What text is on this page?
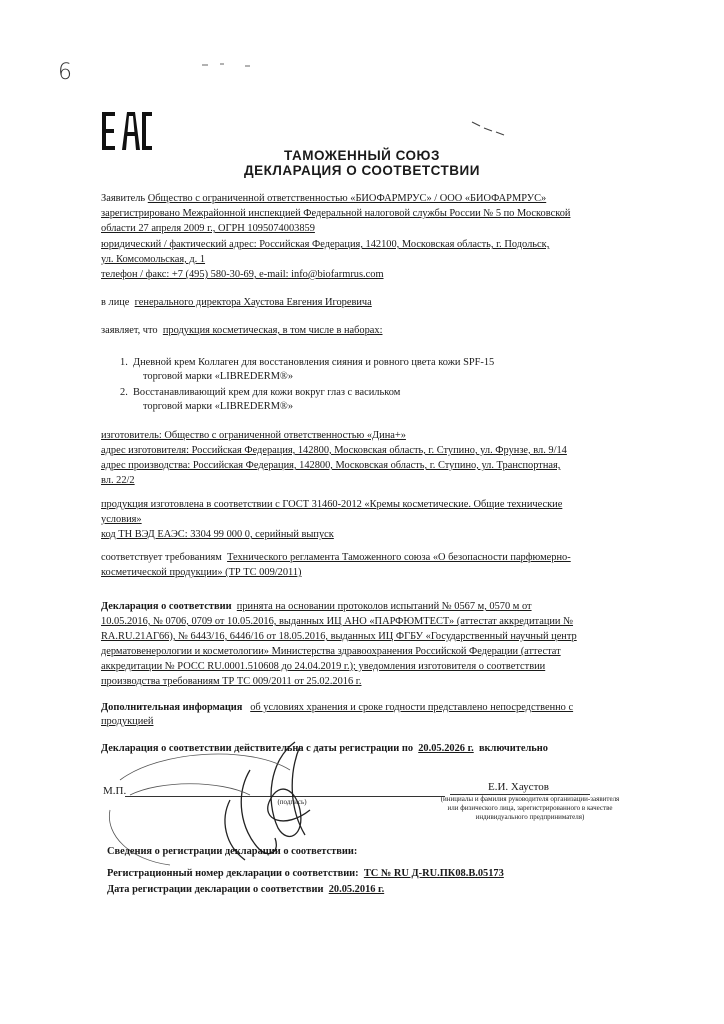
6
ТАМОЖЕННЫЙ СОЮЗ
ДЕКЛАРАЦИЯ О СООТВЕТСТВИИ
Заявитель Общество с ограниченной ответственностью «БИОФАРМРУС» / ООО «БИОФАРМРУС»
зарегистрировано Межрайонной инспекцией Федеральной налоговой службы России № 5 по Московской
области 27 апреля 2009 г., ОГРН 1095074003859
юридический / фактический адрес: Российская Федерация, 142100, Московская область, г. Подольск,
ул. Комсомольская, д. 1
телефон / факс: +7 (495) 580-30-69, e-mail: info@biofarmrus.com
в лице генерального директора Хаустова Евгения Игоревича
заявляет, что продукция косметическая, в том числе в наборах:
1. Дневной крем Коллаген для восстановления сияния и ровного цвета кожи SPF-15
торговой марки «LIBREDERM®»
2. Восстанавливающий крем для кожи вокруг глаз с васильком
торговой марки «LIBREDERM®»
изготовитель: Общество с ограниченной ответственностью «Дина+»
адрес изготовителя: Российская Федерация, 142800, Московская область, г. Ступино, ул. Фрунзе, вл. 9/14
адрес производства: Российская Федерация, 142800, Московская область, г. Ступино, ул. Транспортная,
вл. 22/2
продукция изготовлена в соответствии с ГОСТ 31460-2012 «Кремы косметические. Общие технические
условия»
код ТН ВЭД ЕАЭС: 3304 99 000 0, серийный выпуск
соответствует требованиям Технического регламента Таможенного союза «О безопасности парфюмерно-
косметической продукции» (ТР ТС 009/2011)
Декларация о соответствии принята на основании протоколов испытаний № 0567 м, 0570 м от
10.05.2016, № 0706, 0709 от 10.05.2016, выданных ИЦ АНО «ПАРФЮМТЕСТ» (аттестат аккредитации №
RA.RU.21АГ66), № 6443/16, 6446/16 от 18.05.2016, выданных ИЦ ФГБУ «Государственный научный центр
дерматовенерологии и косметологии» Министерства здравоохранения Российской Федерации (аттестат
аккредитации № РОСС RU.0001.510608 до 24.04.2019 г.); уведомления изготовителя о соответствии
производства требованиям ТР ТС 009/2011 от 25.02.2016 г.
Дополнительная информация об условиях хранения и сроке годности представлено непосредственно с
продукцией
Декларация о соответствии действительна с даты регистрации по 20.05.2026 г. включительно
М.П.
(подпись)
Е.И. Хаустов
(инициалы и фамилия руководителя организации-заявителя
или физического лица, зарегистрированного в качестве
индивидуального предпринимателя)
Сведения о регистрации декларации о соответствии:
Регистрационный номер декларации о соответствии: ТС № RU Д-RU.ПК08.В.05173
Дата регистрации декларации о соответствии 20.05.2016 г.
